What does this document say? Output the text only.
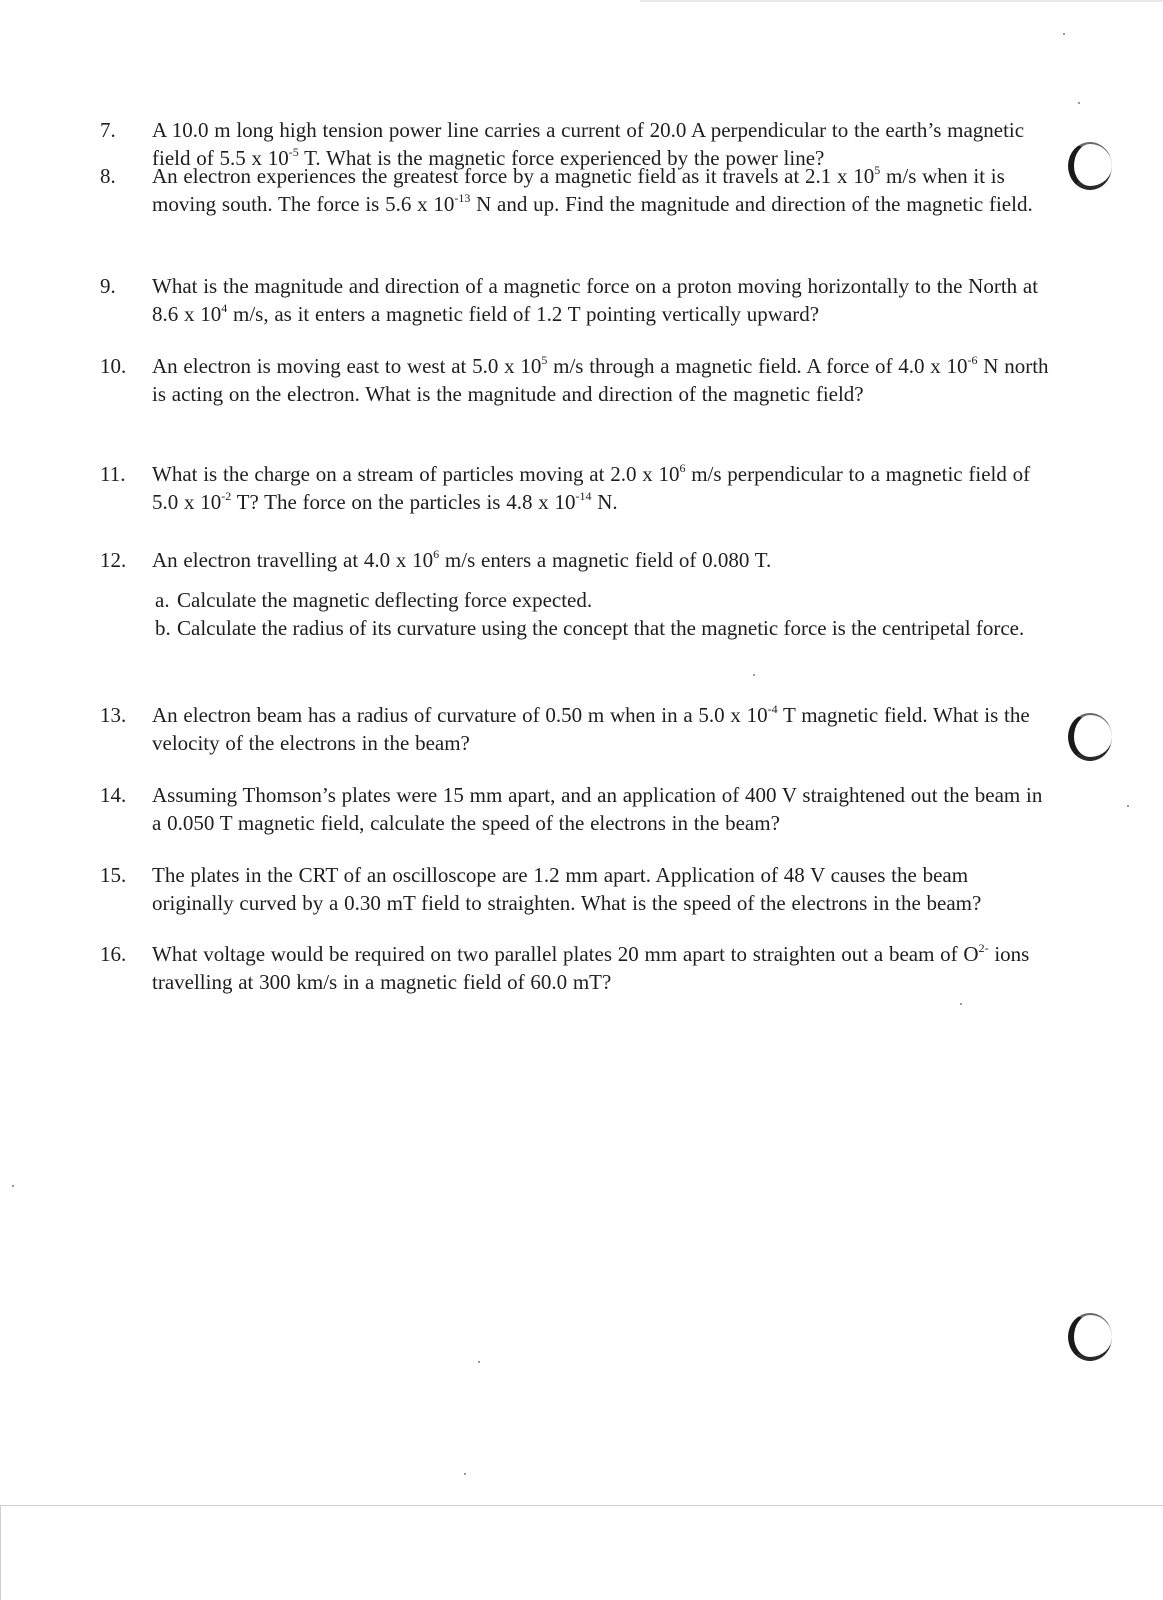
7.	A 10.0 m long high tension power line carries a current of 20.0 A perpendicular to the earth’s magnetic field of 5.5 x $10^{-5}$ T. What is the magnetic force experienced by the power line?
8.	An electron experiences the greatest force by a magnetic field as it travels at 2.1 x $10^5$ m/s when it is moving south. The force is 5.6 x $10^{-13}$ N and up. Find the magnitude and direction of the magnetic field.
9.	What is the magnitude and direction of a magnetic force on a proton moving horizontally to the North at 8.6 x $10^4$ m/s, as it enters a magnetic field of 1.2 T pointing vertically upward?
10.	An electron is moving east to west at 5.0 x $10^5$ m/s through a magnetic field. A force of 4.0 x $10^{-6}$ N north is acting on the electron. What is the magnitude and direction of the magnetic field?
11.	What is the charge on a stream of particles moving at 2.0 x $10^6$ m/s perpendicular to a magnetic field of 5.0 x $10^{-2}$ T? The force on the particles is 4.8 x $10^{-14}$ N.
12.	An electron travelling at 4.0 x $10^6$ m/s enters a magnetic field of 0.080 T.
a. Calculate the magnetic deflecting force expected.
b. Calculate the radius of its curvature using the concept that the magnetic force is the centripetal force.
13.	An electron beam has a radius of curvature of 0.50 m when in a 5.0 x $10^{-4}$ T magnetic field. What is the velocity of the electrons in the beam?
14.	Assuming Thomson’s plates were 15 mm apart, and an application of 400 V straightened out the beam in a 0.050 T magnetic field, calculate the speed of the electrons in the beam?
15.	The plates in the CRT of an oscilloscope are 1.2 mm apart. Application of 48 V causes the beam originally curved by a 0.30 mT field to straighten. What is the speed of the electrons in the beam?
16.	What voltage would be required on two parallel plates 20 mm apart to straighten out a beam of $O^{2-}$ ions travelling at 300 km/s in a magnetic field of 60.0 mT?
